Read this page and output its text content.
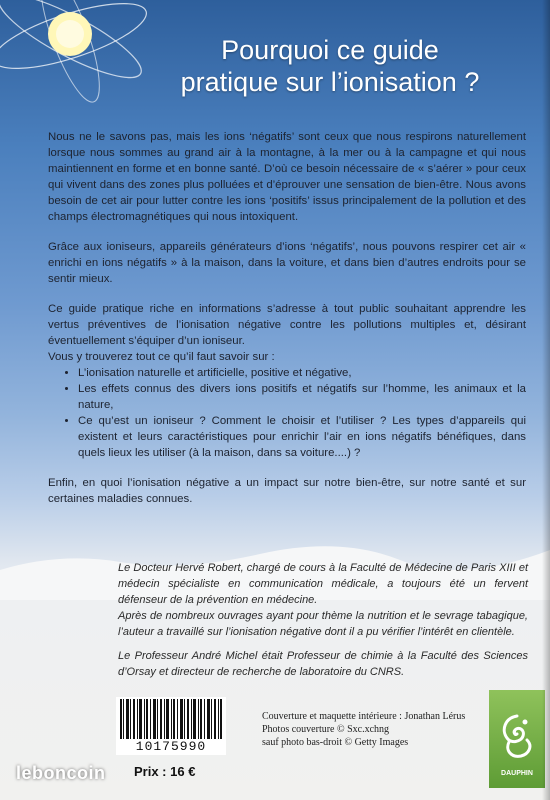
Pourquoi ce guide
pratique sur l’ionisation ?

Nous ne le savons pas, mais les ions ‘négatifs’ sont ceux que nous respirons naturellement lorsque nous sommes au grand air à la montagne, à la mer ou à la campagne et qui nous maintiennent en forme et en bonne santé. D’où ce besoin nécessaire de « s’aérer » pour ceux qui vivent dans des zones plus polluées et d’éprouver une sensation de bien-être. Nous avons besoin de cet air pour lutter contre les ions ‘positifs’ issus principalement de la pollution et des champs électromagnétiques qui nous intoxiquent.

Grâce aux ioniseurs, appareils générateurs d’ions ‘négatifs’, nous pouvons respirer cet air « enrichi en ions négatifs » à la maison, dans la voiture, et dans bien d’autres endroits pour se sentir mieux.

Ce guide pratique riche en informations s’adresse à tout public souhaitant apprendre les vertus préventives de l’ionisation négative contre les pollutions multiples et, désirant éventuellement s’équiper d’un ioniseur.
Vous y trouverez tout ce qu’il faut savoir sur :

• L’ionisation naturelle et artificielle, positive et négative,
• Les effets connus des divers ions positifs et négatifs sur l’homme, les animaux et la nature,
• Ce qu’est un ioniseur ? Comment le choisir et l’utiliser ? Les types d’appareils qui existent et leurs caractéristiques pour enrichir l’air en ions négatifs bénéfiques, dans quels lieux les utiliser (à la maison, dans sa voiture....) ?

Enfin, en quoi l’ionisation négative a un impact sur notre bien-être, sur notre santé et sur certaines maladies connues.

Le Docteur Hervé Robert, chargé de cours à la Faculté de Médecine de Paris XIII et médecin spécialiste en communication médicale, a toujours été un fervent défenseur de la prévention en médecine.

Après de nombreux ouvrages ayant pour thème la nutrition et le sevrage tabagique, l’auteur a travaillé sur l’ionisation négative dont il a pu vérifier l’intérêt en clientèle.

Le Professeur André Michel était Professeur de chimie à la Faculté des Sciences d’Orsay et directeur de recherche de laboratoire du CNRS.

10175990
Prix : 16 €
Couverture et maquette intérieure : Jonathan Lérus
Photos couverture © Sxc.xchng
sauf photo bas-droit © Getty Images
DAUPHIN
leboncoin
